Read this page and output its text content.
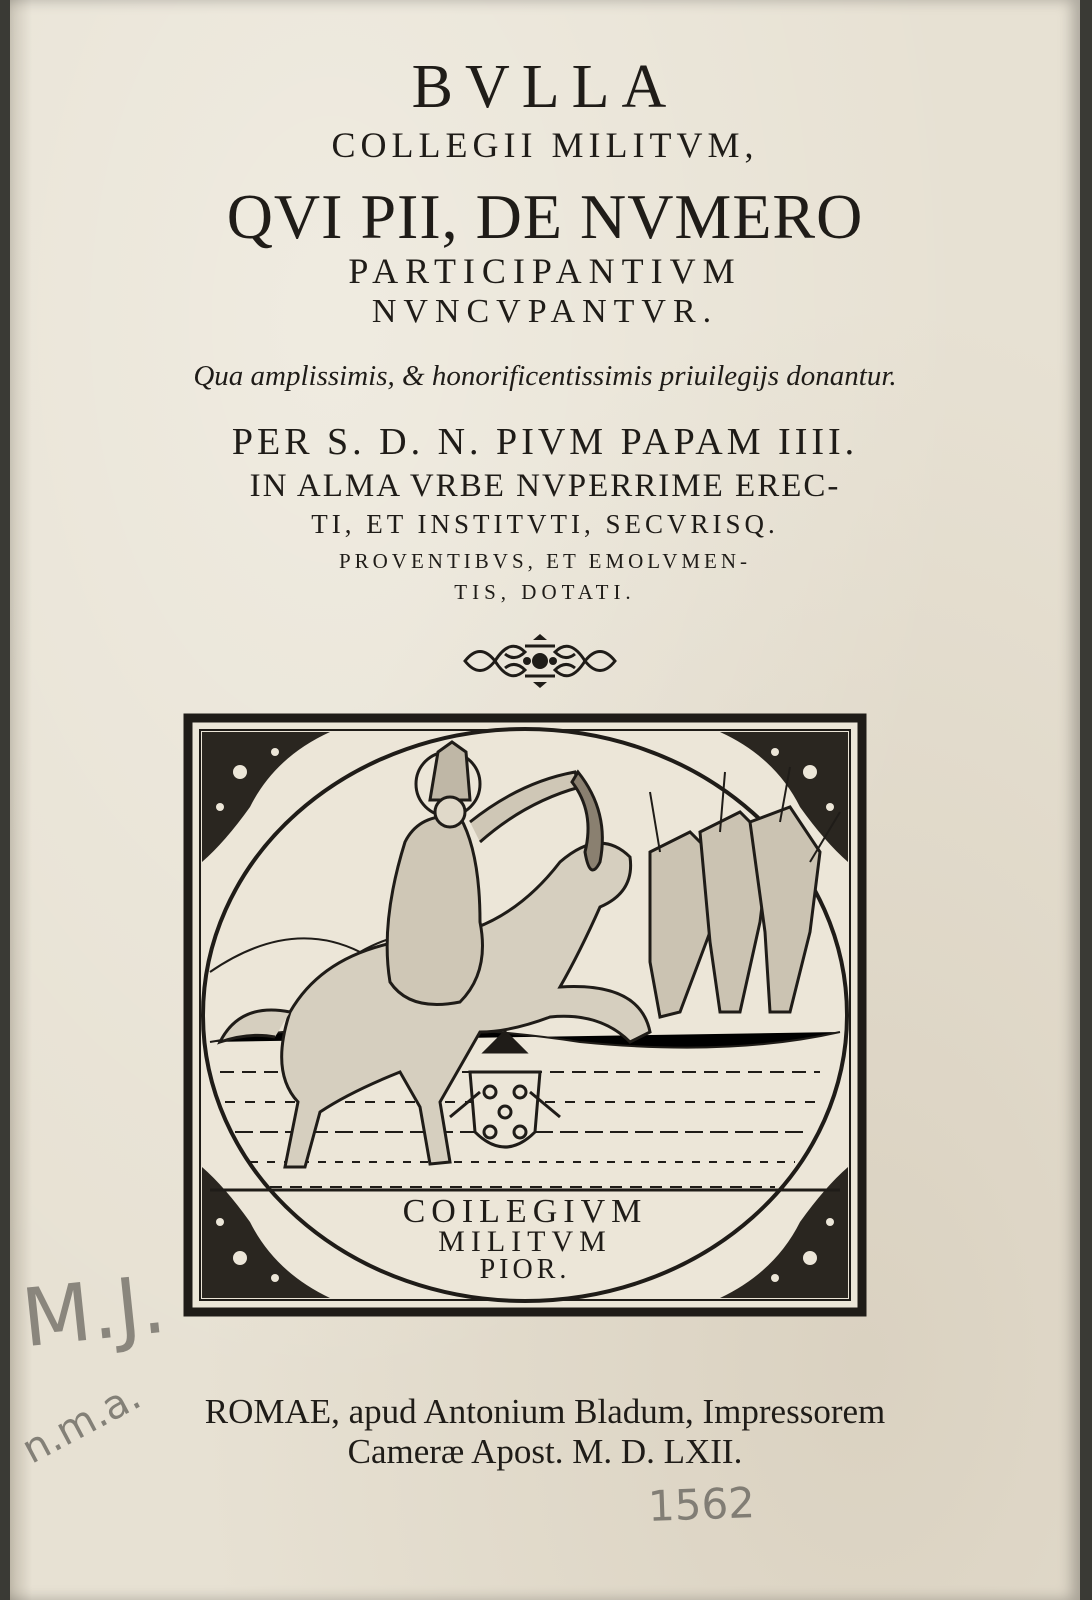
BVLLA
COLLEGII MILITVM,
QVI PII, DE NVMERO
PARTICIPANTIVM
NVNCVPANTVR.
Qua amplissimis, & honorificentissimis priuilegijs donantur.
PER S. D. N. PIVM PAPAM IIII.
IN ALMA VRBE NVPERRIME EREC-
TI, ET INSTITVTI, SECVRISQ.
PROVENTIBVS, ET EMOLVMEN-
TIS, DOTATI.
COILEGIVM
MILITVM
PIOR.
ROMAE, apud Antonium Bladum, Impressorem
Cameræ Apost. M. D. LXII.
M.J.
n.m.a.
1562
